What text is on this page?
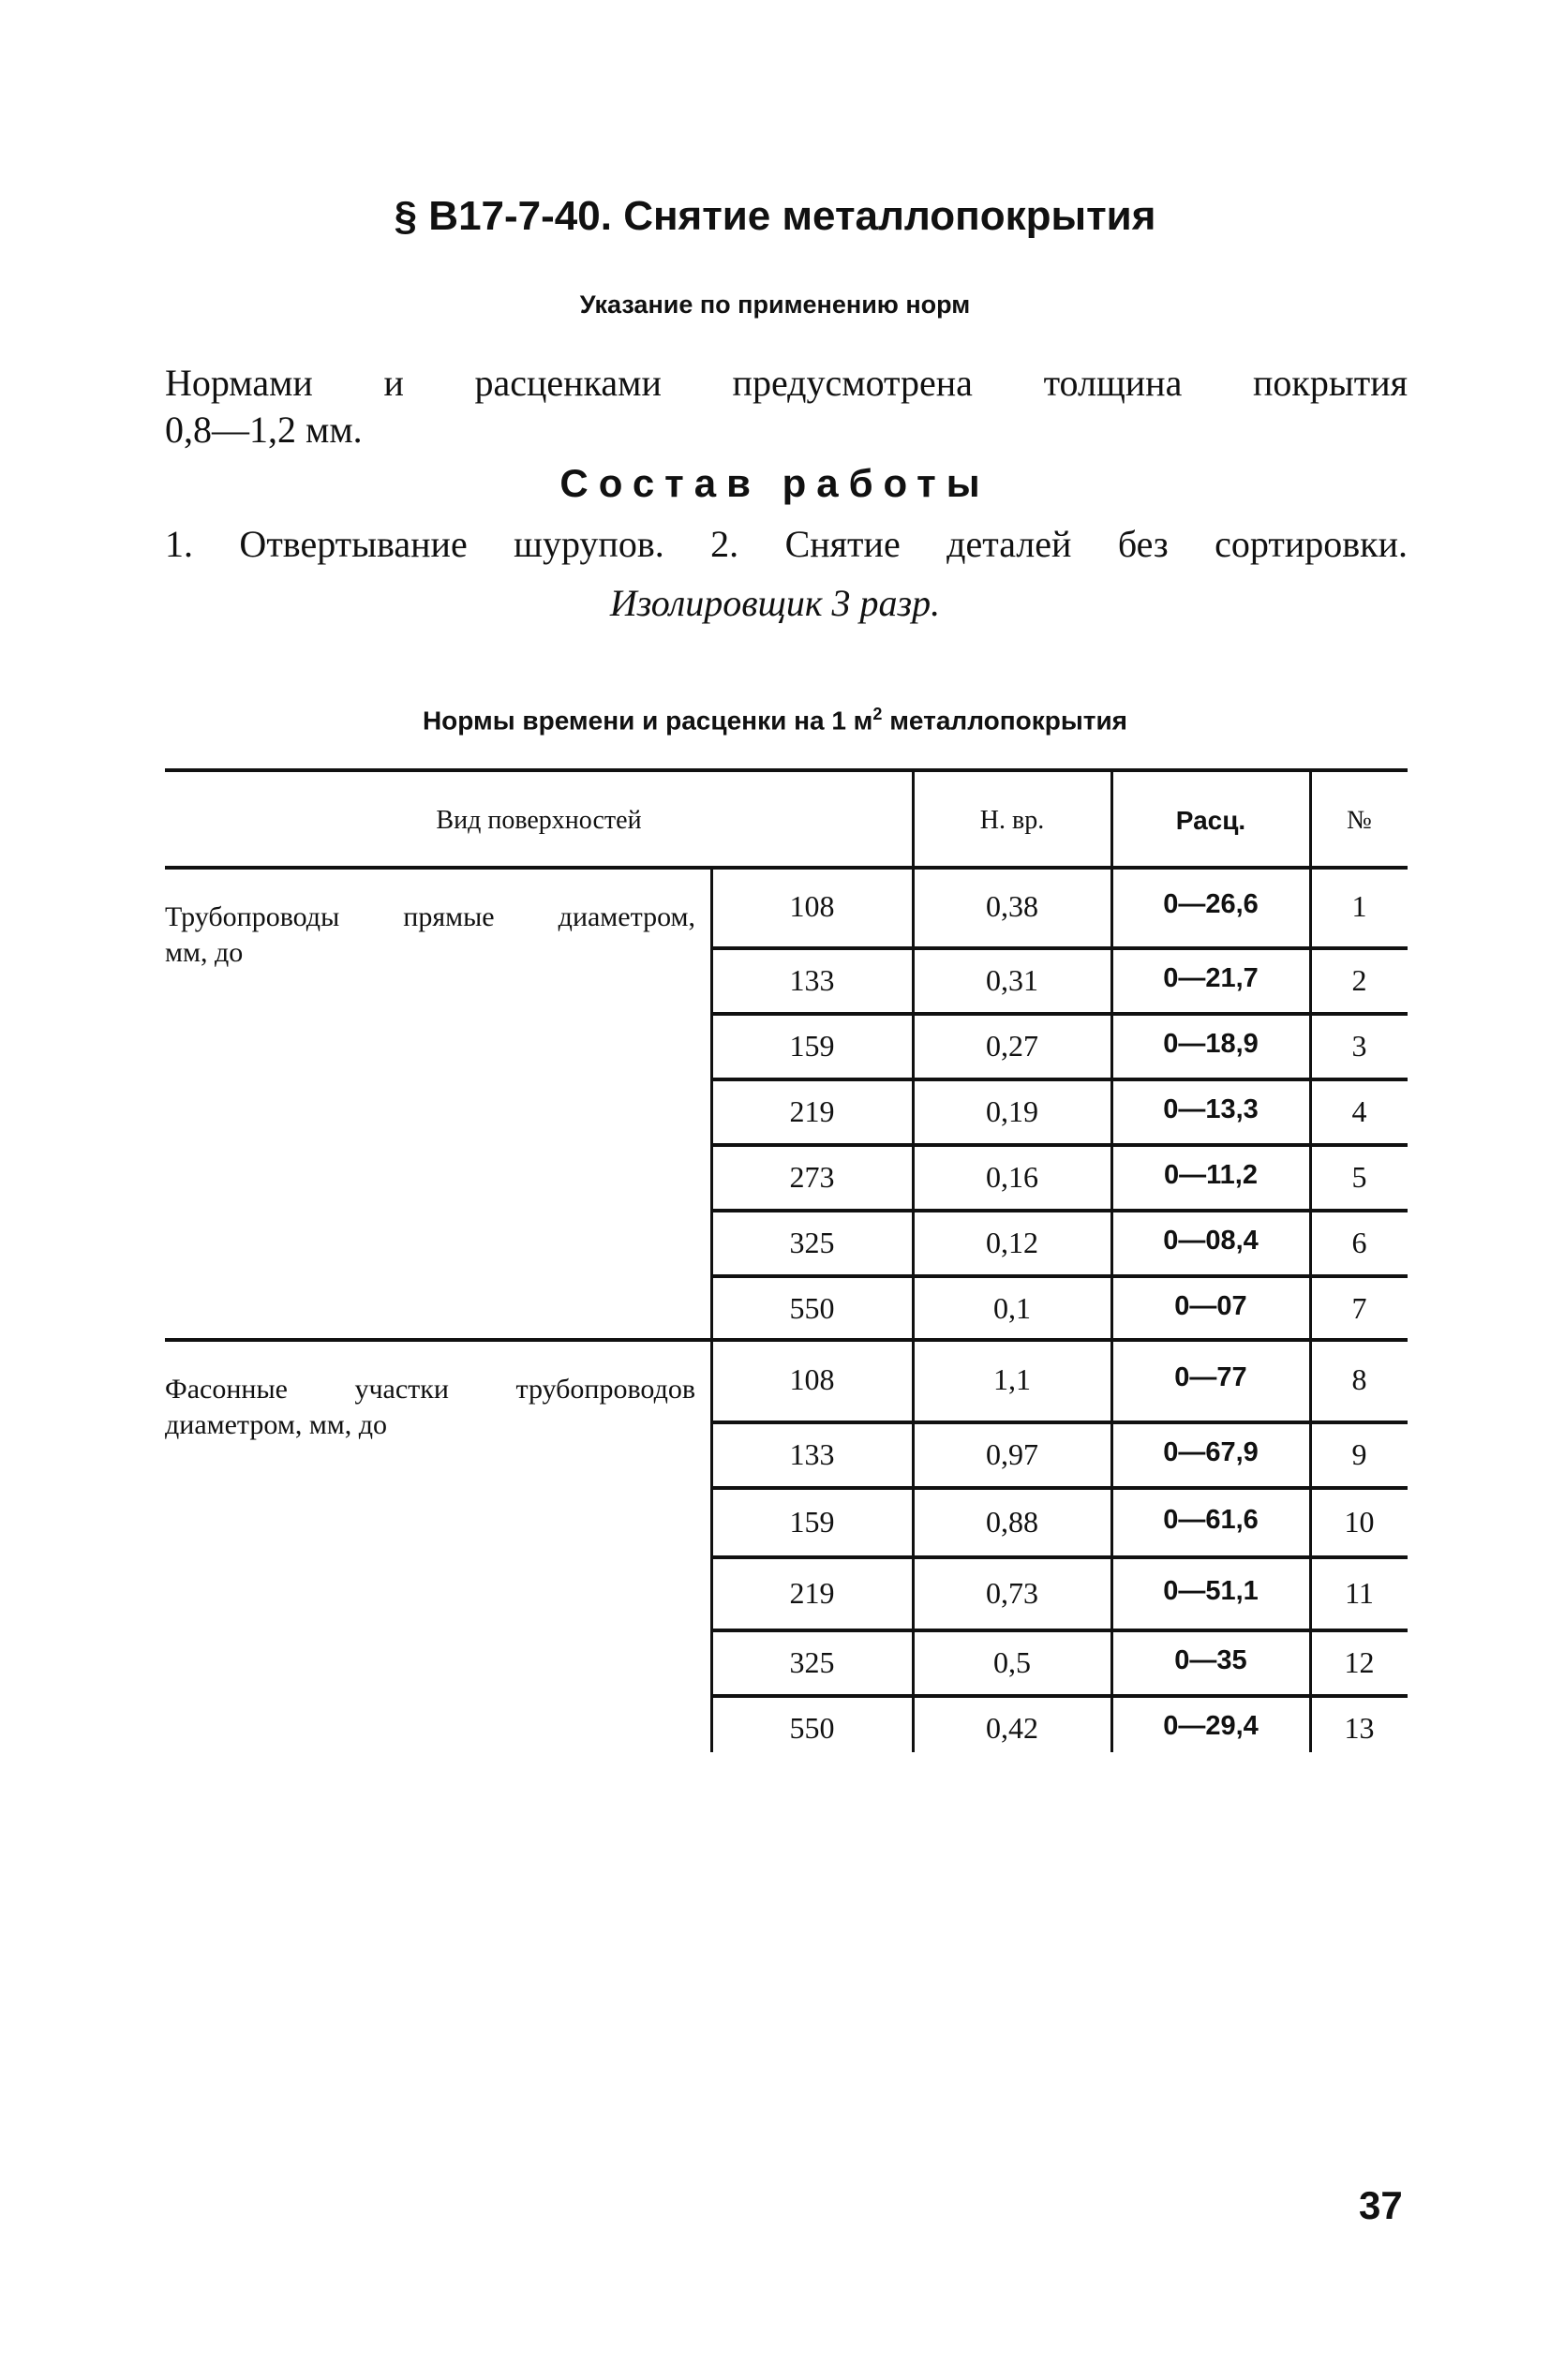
§ В17-7-40. Снятие металлопокрытия
Указание по применению норм
Нормами и расценками предусмотрена толщина покрытия
0,8—1,2 мм.
Состав работы
1. Отвертывание шурупов. 2. Снятие деталей без сортировки.
Изолировщик 3 разр.
Нормы времени и расценки на 1 $м^2$ металлопокрытия
Вид поверхностей	Н. вр.	Расц.	№
Трубопроводы прямые диаметром,
мм, до
108	0,38	0—26,6	1
133	0,31	0—21,7	2
159	0,27	0—18,9	3
219	0,19	0—13,3	4
273	0,16	0—11,2	5
325	0,12	0—08,4	6
550	0,1	0—07	7
Фасонные участки трубопроводов
диаметром, мм, до
108	1,1	0—77	8
133	0,97	0—67,9	9
159	0,88	0—61,6	10
219	0,73	0—51,1	11
325	0,5	0—35	12
550	0,42	0—29,4	13
37
